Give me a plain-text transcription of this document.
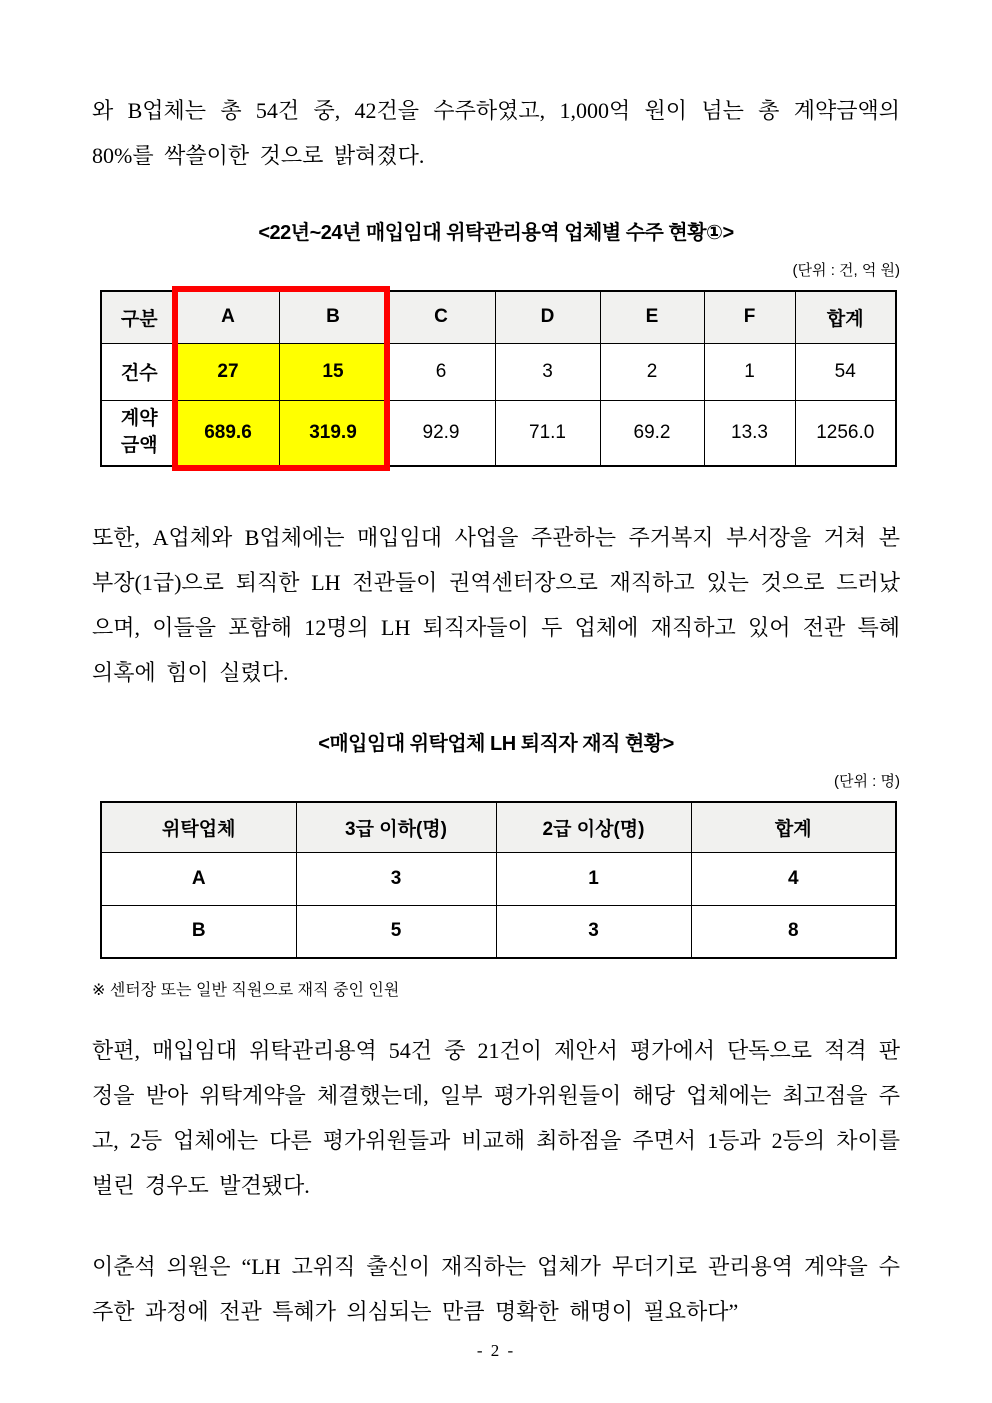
와 B업체는 총 54건 중, 42건을 수주하였고, 1,000억 원이 넘는 총 계약금액의 80%를 싹쓸이한 것으로 밝혀졌다.

<22년~24년 매입임대 위탁관리용역 업체별 수주 현황①>
(단위 : 건, 억 원)
구분	A	B	C	D	E	F	합계
건수	27	15	6	3	2	1	54
계약금액	689.6	319.9	92.9	71.1	69.2	13.3	1256.0

또한, A업체와 B업체에는 매입임대 사업을 주관하는 주거복지 부서장을 거쳐 본부장(1급)으로 퇴직한 LH 전관들이 권역센터장으로 재직하고 있는 것으로 드러났으며, 이들을 포함해 12명의 LH 퇴직자들이 두 업체에 재직하고 있어 전관 특혜 의혹에 힘이 실렸다.

<매입임대 위탁업체 LH 퇴직자 재직 현황>
(단위 : 명)
위탁업체	3급 이하(명)	2급 이상(명)	합계
A	3	1	4
B	5	3	8
※ 센터장 또는 일반 직원으로 재직 중인 인원

한편, 매입임대 위탁관리용역 54건 중 21건이 제안서 평가에서 단독으로 적격 판정을 받아 위탁계약을 체결했는데, 일부 평가위원들이 해당 업체에는 최고점을 주고, 2등 업체에는 다른 평가위원들과 비교해 최하점을 주면서 1등과 2등의 차이를 벌린 경우도 발견됐다.

이춘석 의원은 “LH 고위직 출신이 재직하는 업체가 무더기로 관리용역 계약을 수주한 과정에 전관 특혜가 의심되는 만큼 명확한 해명이 필요하다”

- 2 -
